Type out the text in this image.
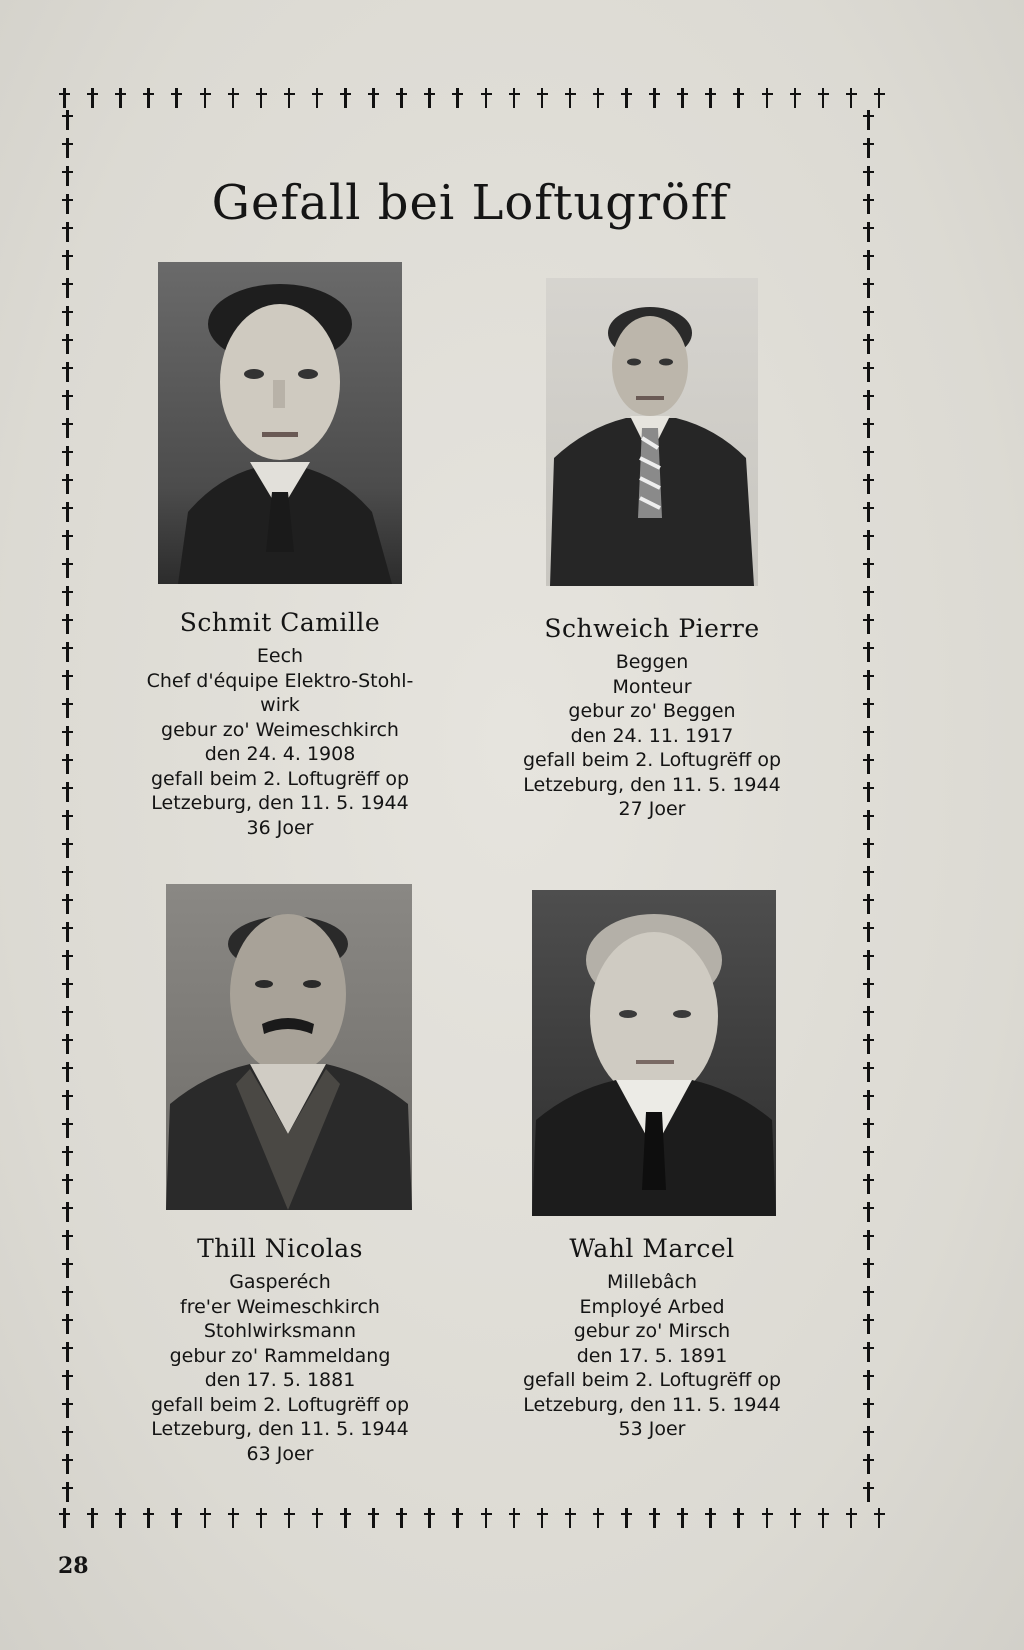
Gefall bei Loftugröff
Schmit Camille
Eech
Chef d'équipe Elektro-Stohl-
wirk
gebur zo' Weimeschkirch
den 24. 4. 1908
gefall beim 2. Loftugrëff op
Letzeburg, den 11. 5. 1944
36 Joer
Schweich Pierre
Beggen
Monteur
gebur zo' Beggen
den 24. 11. 1917
gefall beim 2. Loftugrëff op
Letzeburg, den 11. 5. 1944
27 Joer
Thill Nicolas
Gasperéch
fre'er Weimeschkirch
Stohlwirksmann
gebur zo' Rammeldang
den 17. 5. 1881
gefall beim 2. Loftugrëff op
Letzeburg, den 11. 5. 1944
63 Joer
Wahl Marcel
Millebâch
Employé Arbed
gebur zo' Mirsch
den 17. 5. 1891
gefall beim 2. Loftugrëff op
Letzeburg, den 11. 5. 1944
53 Joer
28
